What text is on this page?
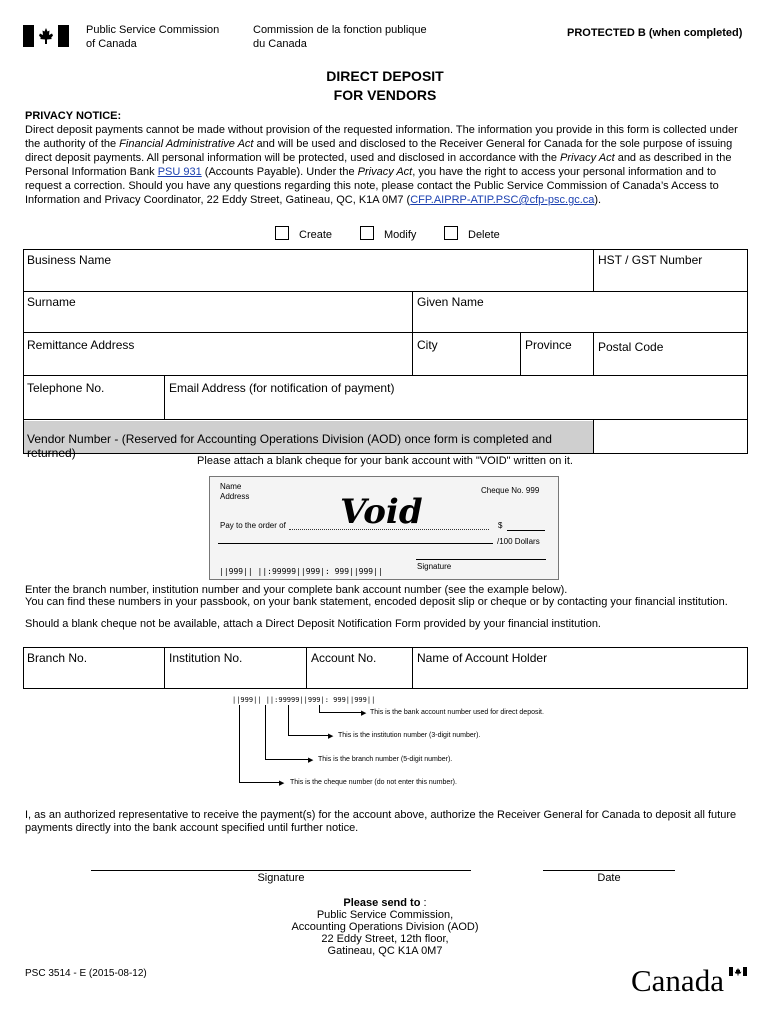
Public Service Commission
of Canada
Commission de la fonction publique
du Canada
PROTECTED B (when completed)
DIRECT DEPOSIT
FOR VENDORS
PRIVACY NOTICE:
Direct deposit payments cannot be made without provision of the requested information. The information you provide in this form is collected under the authority of the Financial Administrative Act and will be used and disclosed to the Receiver General for Canada for the sole purpose of issuing direct deposit payments. All personal information will be protected, used and disclosed in accordance with the Privacy Act and as described in the Personal Information Bank PSU 931 (Accounts Payable). Under the Privacy Act, you have the right to access your personal information and to request a correction. Should you have any questions regarding this note, please contact the Public Service Commission of Canada’s Access to Information and Privacy Coordinator, 22 Eddy Street, Gatineau, QC, K1A 0M7 (CFP.AIPRP-ATIP.PSC@cfp-psc.gc.ca).
Create	Modify	Delete
Business Name	HST / GST Number
Surname	Given Name
Remittance Address	City	Province	Postal Code
Telephone No.	Email Address (for notification of payment)
Vendor Number - (Reserved for Accounting Operations Division (AOD) once form is completed and returned)
Please attach a blank cheque for your bank account with "VOID" written on it.
Name
Address
Cheque No. 999
Pay to the order of Void	$
/100 Dollars
Signature
||999|| ||:99999||999|: 999||999||
Enter the branch number, institution number and your complete bank account number (see the example below).
You can find these numbers in your passbook, on your bank statement, encoded deposit slip or cheque or by contacting your financial institution.
Should a blank cheque not be available, attach a Direct Deposit Notification Form provided by your financial institution.
Branch No.	Institution No.	Account No.	Name of Account Holder
||999|| ||:99999||999|: 999||999||
▶ This is the bank account number used for direct deposit.
▶ This is the institution number (3-digit number).
▶ This is the branch number (5-digit number).
▶ This is the cheque number (do not enter this number).
I, as an authorized representative to receive the payment(s) for the account above, authorize the Receiver General for Canada to deposit all future payments directly into the bank account specified until further notice.
Signature	Date
Please send to :
Public Service Commission,
Accounting Operations Division (AOD)
22 Eddy Street, 12th floor,
Gatineau, QC K1A 0M7
PSC 3514 - E (2015-08-12)	Canada
